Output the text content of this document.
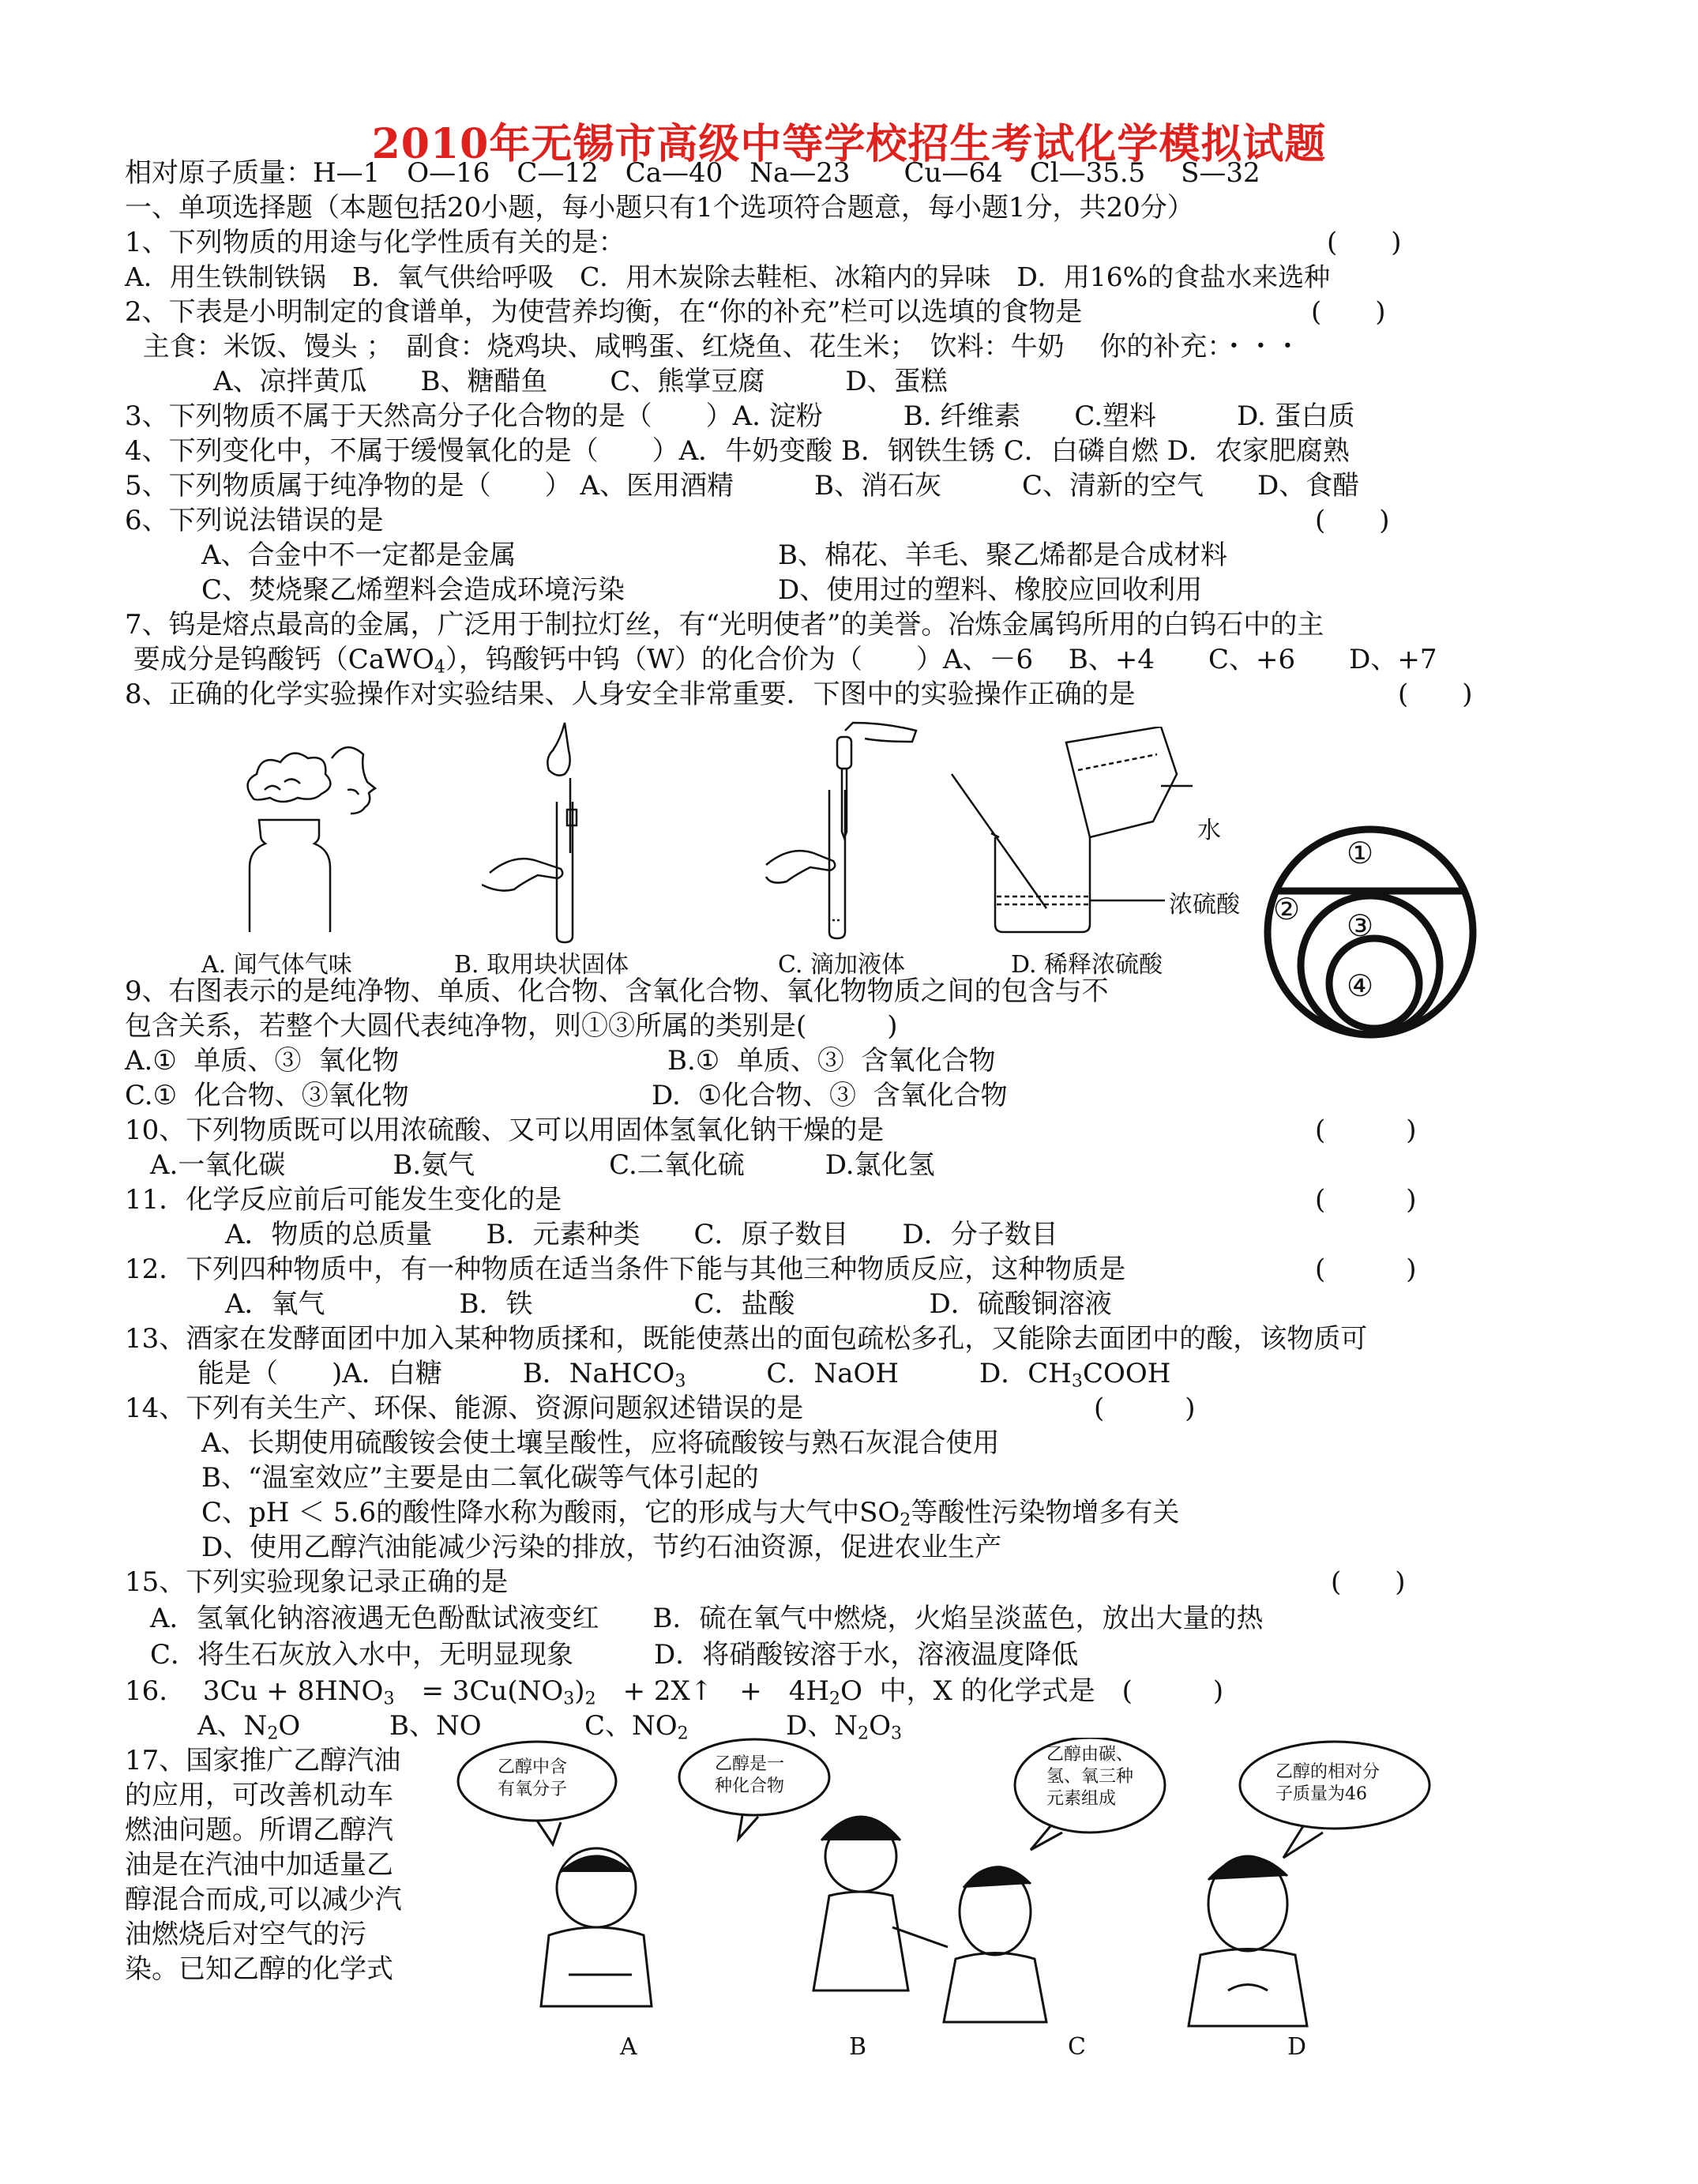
2010年无锡市高级中等学校招生考试化学模拟试题
相对原子质量：H—1　O—16　C—12　Ca—40　Na—23　　Cu—64　Cl—35.5　 S—32
一、单项选择题（本题包括20小题，每小题只有1个选项符合题意，每小题1分，共20分）
1、下列物质的用途与化学性质有关的是：	(　　)
A．用生铁制铁锅　B．氧气供给呼吸　C．用木炭除去鞋柜、冰箱内的异味　D．用16%的食盐水来选种
2、下表是小明制定的食谱单，为使营养均衡，在“你的补充”栏可以选填的食物是	(　　)
主食：米饭、馒头 ；　副食：烧鸡块、咸鸭蛋、红烧鱼、花生米；　饮料：牛奶　 你的补充：・・・
A、凉拌黄瓜　　B、糖醋鱼　　 C、熊掌豆腐　　　D、蛋糕
3、下列物质不属于天然高分子化合物的是（　　）A. 淀粉　　　B. 纤维素　　C.塑料　　　D. 蛋白质
4、下列变化中，不属于缓慢氧化的是（　　）A．牛奶变酸 B．钢铁生锈 C．白磷自燃 D．农家肥腐熟
5、下列物质属于纯净物的是（　　） A、医用酒精　　　B、消石灰　　　C、清新的空气　　D、食醋
6、下列说法错误的是	(　　)
A、合金中不一定都是金属	B、棉花、羊毛、聚乙烯都是合成材料
C、焚烧聚乙烯塑料会造成环境污染	D、使用过的塑料、橡胶应回收利用
7、钨是熔点最高的金属，广泛用于制拉灯丝，有“光明使者”的美誉。冶炼金属钨所用的白钨石中的主
要成分是钨酸钙（CaWO$_4$），钨酸钙中钨（W）的化合价为（　　）A、－6　 B、+4　　C、+6　　D、+7
8、正确的化学实验操作对实验结果、人身安全非常重要．下图中的实验操作正确的是	(　　)
水
浓硫酸
A. 闻气体气味	B. 取用块状固体	C. 滴加液体	D. 稀释浓硫酸
①
② ③
④
9、右图表示的是纯净物、单质、化合物、含氧化合物、氧化物物质之间的包含与不
包含关系，若整个大圆代表纯净物，则①③所属的类别是(　　　)
A.①  单质、③  氧化物	B.①  单质、③  含氧化合物
C.①  化合物、③氧化物	D.  ①化合物、③  含氧化合物
10、下列物质既可以用浓硫酸、又可以用固体氢氧化钠干燥的是	(　　　)
A.一氧化碳　　　　B.氨气　　　　　C.二氧化硫　　　D.氯化氢
11．化学反应前后可能发生变化的是	(　　　)
A．物质的总质量　　B．元素种类　　C．原子数目　　D．分子数目
12．下列四种物质中，有一种物质在适当条件下能与其他三种物质反应，这种物质是	(　　　)
A．氧气　　　　　B．铁　　　　　　C．盐酸　　　　　D．硫酸铜溶液
13、酒家在发酵面团中加入某种物质揉和，既能使蒸出的面包疏松多孔，又能除去面团中的酸，该物质可
能是（　　)A．白糖　　　B．NaHCO$_3$　　　C．NaOH　　　D．$CH_3COOH$
14、下列有关生产、环保、能源、资源问题叙述错误的是	(　　　)
A、长期使用硫酸铵会使土壤呈酸性，应将硫酸铵与熟石灰混合使用
B、“温室效应”主要是由二氧化碳等气体引起的
C、pH ＜ 5.6的酸性降水称为酸雨，它的形成与大气中$SO_2$等酸性污染物增多有关
D、使用乙醇汽油能减少污染的排放，节约石油资源，促进农业生产
15、下列实验现象记录正确的是	(　　)
A．氢氧化钠溶液遇无色酚酞试液变红　　B．硫在氧气中燃烧，火焰呈淡蓝色，放出大量的热
C．将生石灰放入水中，无明显现象　　　D．将硝酸铵溶于水，溶液温度降低
16.　 $3Cu + 8HNO_3$　= $3Cu(NO_3)_2$　+ 2X↑　+　$4H_2O$  中，X 的化学式是　(　　　)
A、$N_2O$	B、NO	C、$NO_2$	D、$N_2O_3$
17、国家推广乙醇汽油
的应用，可改善机动车
燃油问题。所谓乙醇汽
油是在汽油中加适量乙
醇混合而成,可以减少汽
油燃烧后对空气的污
染。已知乙醇的化学式
乙醇中含
有氧分子
乙醇是一
种化合物
乙醇由碳、
氢、氧三种
元素组成
乙醇的相对分
子质量为46
A	B	C	D
